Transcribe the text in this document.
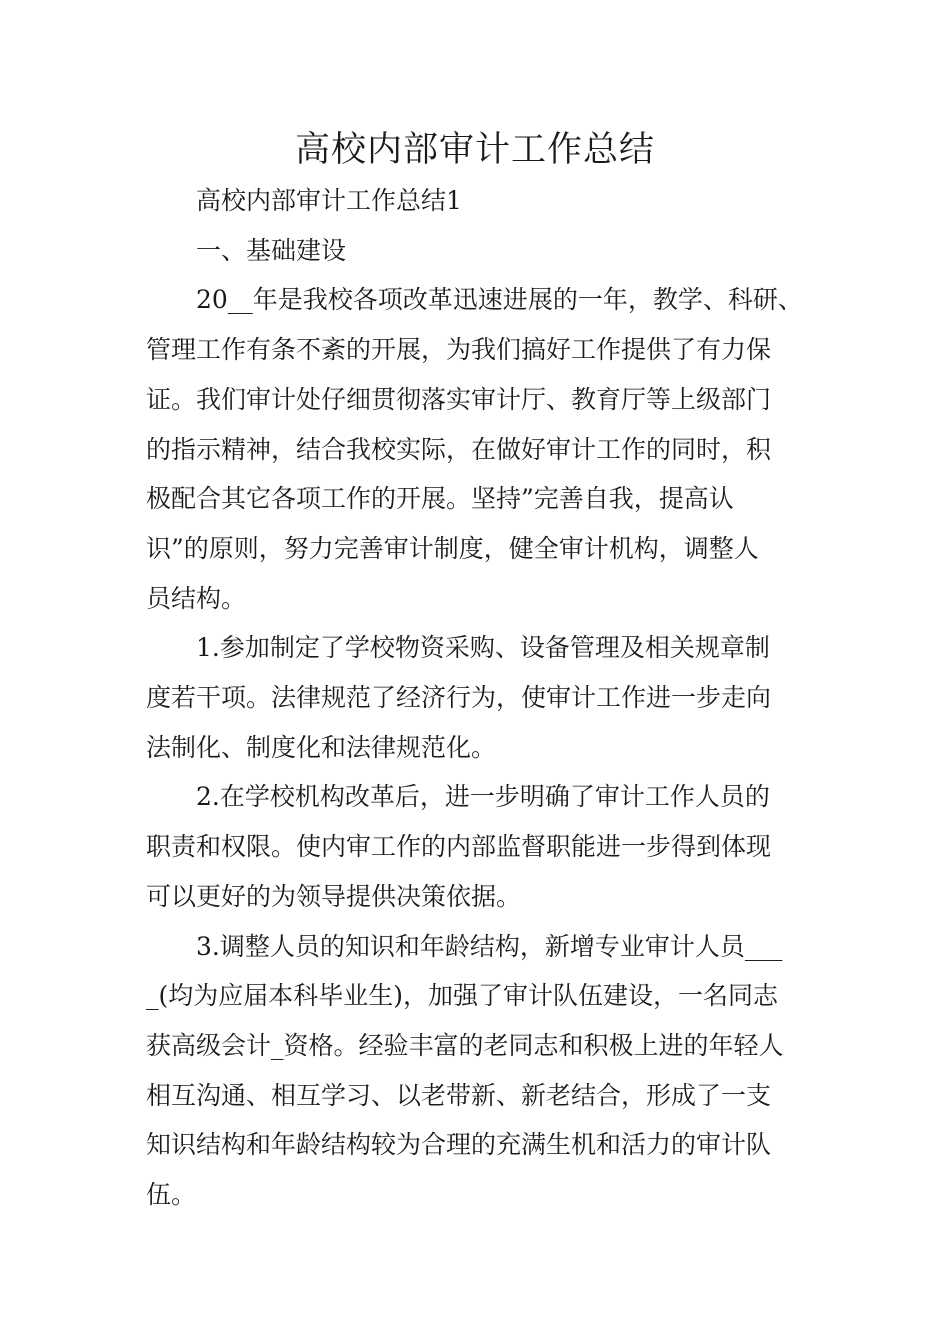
高校内部审计工作总结

高校内部审计工作总结1

一、基础建设

20__年是我校各项改革迅速进展的一年，教学、科研、
管理工作有条不紊的开展，为我们搞好工作提供了有力保
证。我们审计处仔细贯彻落实审计厅、教育厅等上级部门
的指示精神，结合我校实际，在做好审计工作的同时，积
极配合其它各项工作的开展。坚持”完善自我，提高认
识”的原则，努力完善审计制度，健全审计机构，调整人
员结构。

1.参加制定了学校物资采购、设备管理及相关规章制
度若干项。法律规范了经济行为，使审计工作进一步走向
法制化、制度化和法律规范化。

2.在学校机构改革后，进一步明确了审计工作人员的
职责和权限。使内审工作的内部监督职能进一步得到体现
可以更好的为领导提供决策依据。

3.调整人员的知识和年龄结构，新增专业审计人员___
_(均为应届本科毕业生)，加强了审计队伍建设，一名同志
获高级会计_资格。经验丰富的老同志和积极上进的年轻人
相互沟通、相互学习、以老带新、新老结合，形成了一支
知识结构和年龄结构较为合理的充满生机和活力的审计队
伍。
